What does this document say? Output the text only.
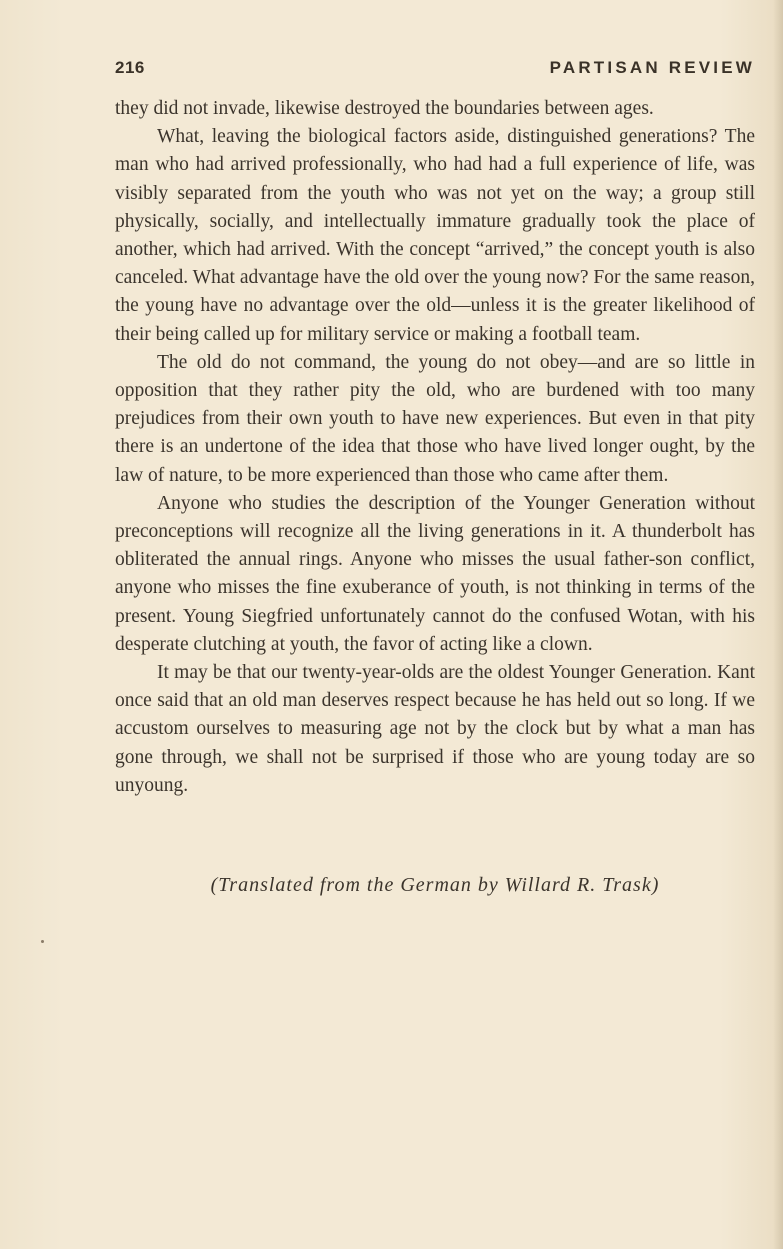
216	PARTISAN REVIEW

they did not invade, likewise destroyed the boundaries between ages.

What, leaving the biological factors aside, distinguished generations? The man who had arrived professionally, who had had a full experience of life, was visibly separated from the youth who was not yet on the way; a group still physically, socially, and intellectually immature gradually took the place of another, which had arrived. With the concept “arrived,” the concept youth is also canceled. What advantage have the old over the young now? For the same reason, the young have no advantage over the old—unless it is the greater likelihood of their being called up for military service or making a football team.

The old do not command, the young do not obey—and are so little in opposition that they rather pity the old, who are burdened with too many prejudices from their own youth to have new experiences. But even in that pity there is an undertone of the idea that those who have lived longer ought, by the law of nature, to be more experienced than those who came after them.

Anyone who studies the description of the Younger Generation without preconceptions will recognize all the living generations in it. A thunderbolt has obliterated the annual rings. Anyone who misses the usual father-son conflict, anyone who misses the fine exuberance of youth, is not thinking in terms of the present. Young Siegfried unfortunately cannot do the confused Wotan, with his desperate clutching at youth, the favor of acting like a clown.

It may be that our twenty-year-olds are the oldest Younger Generation. Kant once said that an old man deserves respect because he has held out so long. If we accustom ourselves to measuring age not by the clock but by what a man has gone through, we shall not be surprised if those who are young today are so unyoung.

(Translated from the German by Willard R. Trask)
